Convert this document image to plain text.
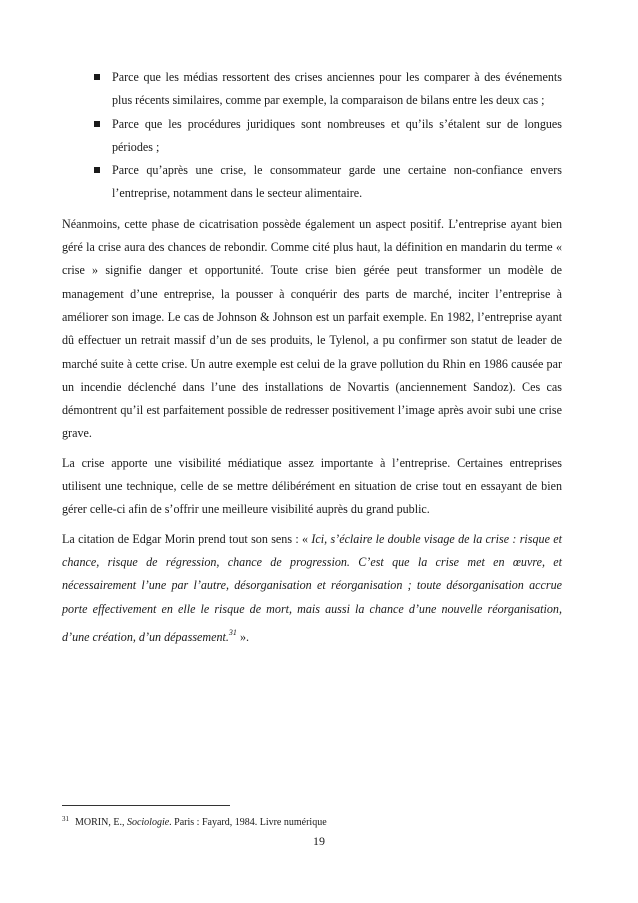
Parce que les médias ressortent des crises anciennes pour les comparer à des événements plus récents similaires, comme par exemple, la comparaison de bilans entre les deux cas ;
Parce que les procédures juridiques sont nombreuses et qu’ils s’étalent sur de longues périodes ;
Parce qu’après une crise, le consommateur garde une certaine non-confiance envers l’entreprise, notamment dans le secteur alimentaire.

Néanmoins, cette phase de cicatrisation possède également un aspect positif. L’entreprise ayant bien géré la crise aura des chances de rebondir. Comme cité plus haut, la définition en mandarin du terme « crise » signifie danger et opportunité. Toute crise bien gérée peut transformer un modèle de management d’une entreprise, la pousser à conquérir des parts de marché, inciter l’entreprise à améliorer son image. Le cas de Johnson & Johnson est un parfait exemple. En 1982, l’entreprise ayant dû effectuer un retrait massif d’un de ses produits, le Tylenol, a pu confirmer son statut de leader de marché suite à cette crise. Un autre exemple est celui de la grave pollution du Rhin en 1986 causée par un incendie déclenché dans l’une des installations de Novartis (anciennement Sandoz). Ces cas démontrent qu’il est parfaitement possible de redresser positivement l’image après avoir subi une crise grave.

La crise apporte une visibilité médiatique assez importante à l’entreprise. Certaines entreprises utilisent une technique, celle de se mettre délibérément en situation de crise tout en essayant de bien gérer celle-ci afin de s’offrir une meilleure visibilité auprès du grand public.

La citation de Edgar Morin prend tout son sens : « Ici, s’éclaire le double visage de la crise : risque et chance, risque de régression, chance de progression. C’est que la crise met en œuvre, et nécessairement l’une par l’autre, désorganisation et réorganisation ; toute désorganisation accrue porte effectivement en elle le risque de mort, mais aussi la chance d’une nouvelle réorganisation, d’une création, d’un dépassement.$^{31}$ ».

$^{31}$ MORIN, E., Sociologie. Paris : Fayard, 1984. Livre numérique
19
